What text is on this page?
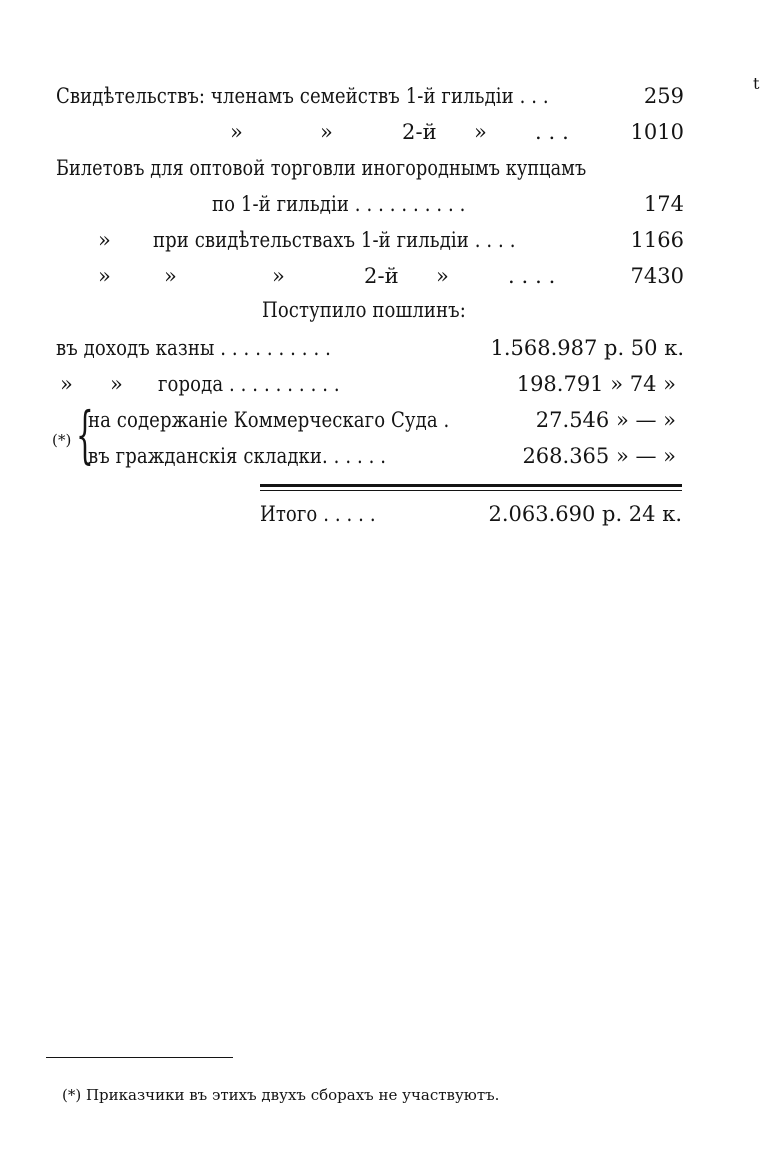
Свидѣтельствъ: членамъ семействъ 1-й гильдіи . . .	259
»	»	2-й » . . .	1010
Билетовъ для оптовой торговли иногороднымъ купцамъ
по 1-й гильдіи . . . . . . . . . .	174
» при свидѣтельствахъ 1-й гильдіи . . . .	1166
»	»	»	2-й »	. . . .	7430
Поступило пошлинъ:
въ доходъ казны . . . . . . . . . .	1.568.987 р. 50 к.
» » города . . . . . . . . . .	198.791 » 74 »
(*) {
на содержаніе Коммерческаго Суда .	27.546 » — »
въ гражданскія складки. . . . . .	268.365 » — »
Итого . . . . .	2.063.690 р. 24 к.
t
(*) Приказчики въ этихъ двухъ сборахъ не участвуютъ.
